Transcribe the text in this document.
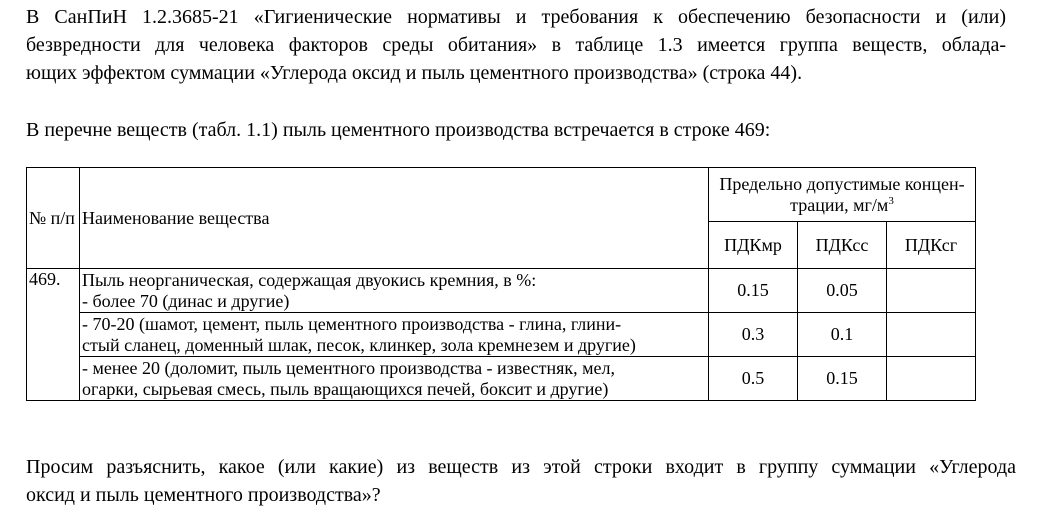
В СанПиН 1.2.3685-21 «Гигиенические нормативы и требования к обеспечению безопасности и (или)
безвредности для человека факторов среды обитания» в таблице 1.3 имеется группа веществ, облада-
ющих эффектом суммации «Углерода оксид и пыль цементного производства» (строка 44).

В перечне веществ (табл. 1.1) пыль цементного производства встречается в строке 469:

№ п/п	Наименование вещества	Предельно допустимые концен-
трации, $мг/м^3$
		ПДКмр	ПДКсс	ПДКсг
469.	Пыль неорганическая, содержащая двуокись кремния, в %:
- более 70 (динас и другие)	0.15	0.05	
	- 70-20 (шамот, цемент, пыль цементного производства - глина, глини-
стый сланец, доменный шлак, песок, клинкер, зола кремнезем и другие)	0.3	0.1	
	- менее 20 (доломит, пыль цементного производства - известняк, мел,
огарки, сырьевая смесь, пыль вращающихся печей, боксит и другие)	0.5	0.15	

Просим разъяснить, какое (или какие) из веществ из этой строки входит в группу суммации «Углерода
оксид и пыль цементного производства»?
